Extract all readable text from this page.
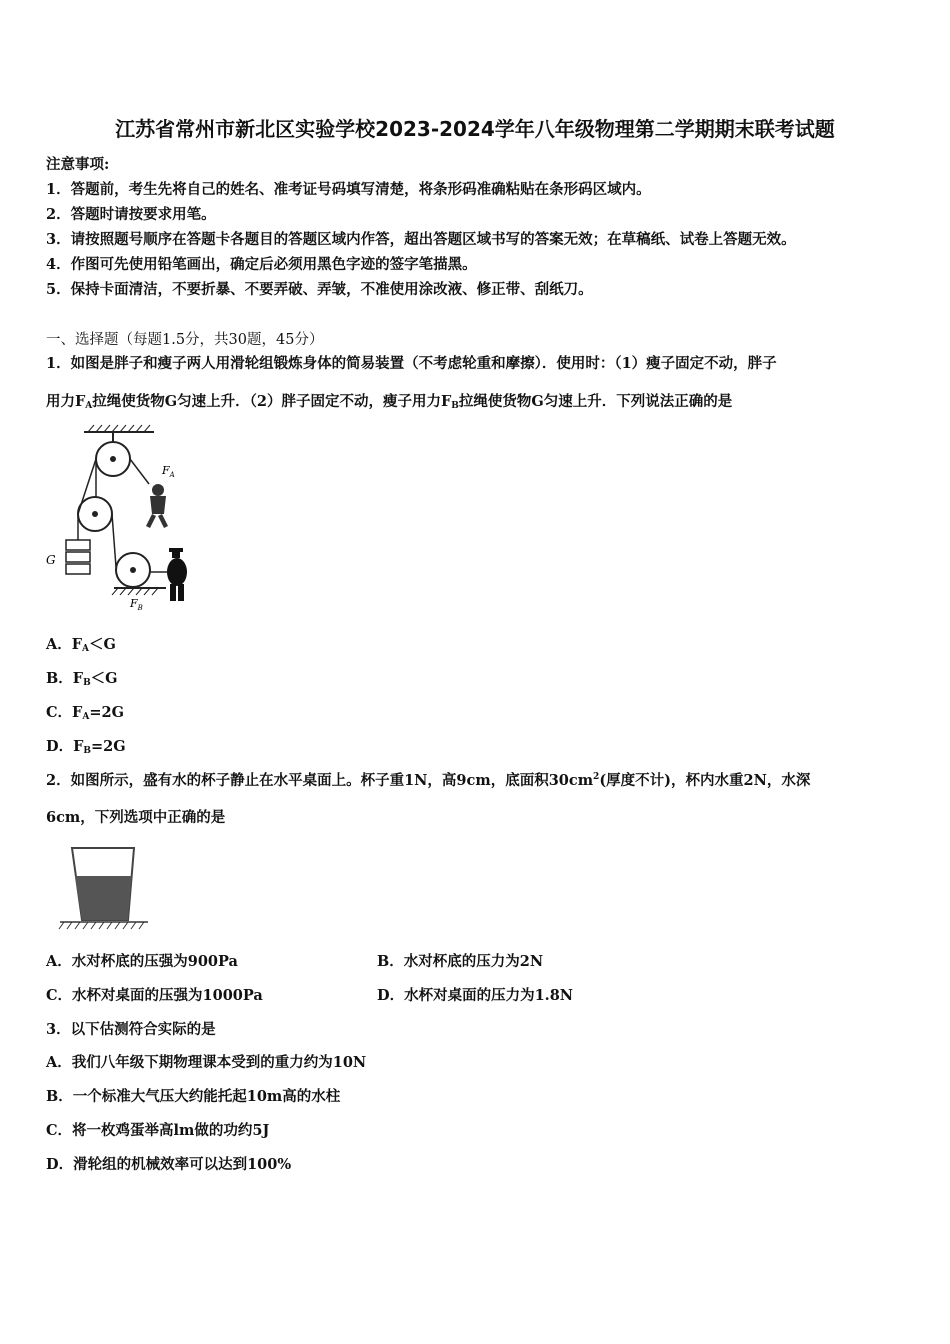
江苏省常州市新北区实验学校2023-2024学年八年级物理第二学期期末联考试题
注意事项:
1．答题前，考生先将自己的姓名、准考证号码填写清楚，将条形码准确粘贴在条形码区域内。
2．答题时请按要求用笔。
3．请按照题号顺序在答题卡各题目的答题区域内作答，超出答题区域书写的答案无效；在草稿纸、试卷上答题无效。
4．作图可先使用铅笔画出，确定后必须用黑色字迹的签字笔描黑。
5．保持卡面清洁，不要折暴、不要弄破、弄皱，不准使用涂改液、修正带、刮纸刀。
一、选择题（每题1.5分，共30题，45分）
1．如图是胖子和瘦子两人用滑轮组锻炼身体的简易装置（不考虑轮重和摩擦）．使用时：（1）瘦子固定不动，胖子
用力$F_A$拉绳使货物G匀速上升．（2）胖子固定不动，瘦子用力$F_B$拉绳使货物G匀速上升．下列说法正确的是
G
$F_A$
$F_B$
A．$F_A<G$
B．$F_B<G$
C．$F_A=2G$
D．$F_B=2G$
2．如图所示，盛有水的杯子静止在水平桌面上。杯子重1N，高9cm，底面积$30cm^2$(厚度不计)，杯内水重2N，水深
6cm，下列选项中正确的是
A．水对杯底的压强为900Pa	B．水对杯底的压力为2N
C．水杯对桌面的压强为1000Pa	D．水杯对桌面的压力为1.8N
3．以下估测符合实际的是
A．我们八年级下期物理课本受到的重力约为10N
B．一个标准大气压大约能托起10m高的水柱
C．将一枚鸡蛋举高lm做的功约5J
D．滑轮组的机械效率可以达到100%
